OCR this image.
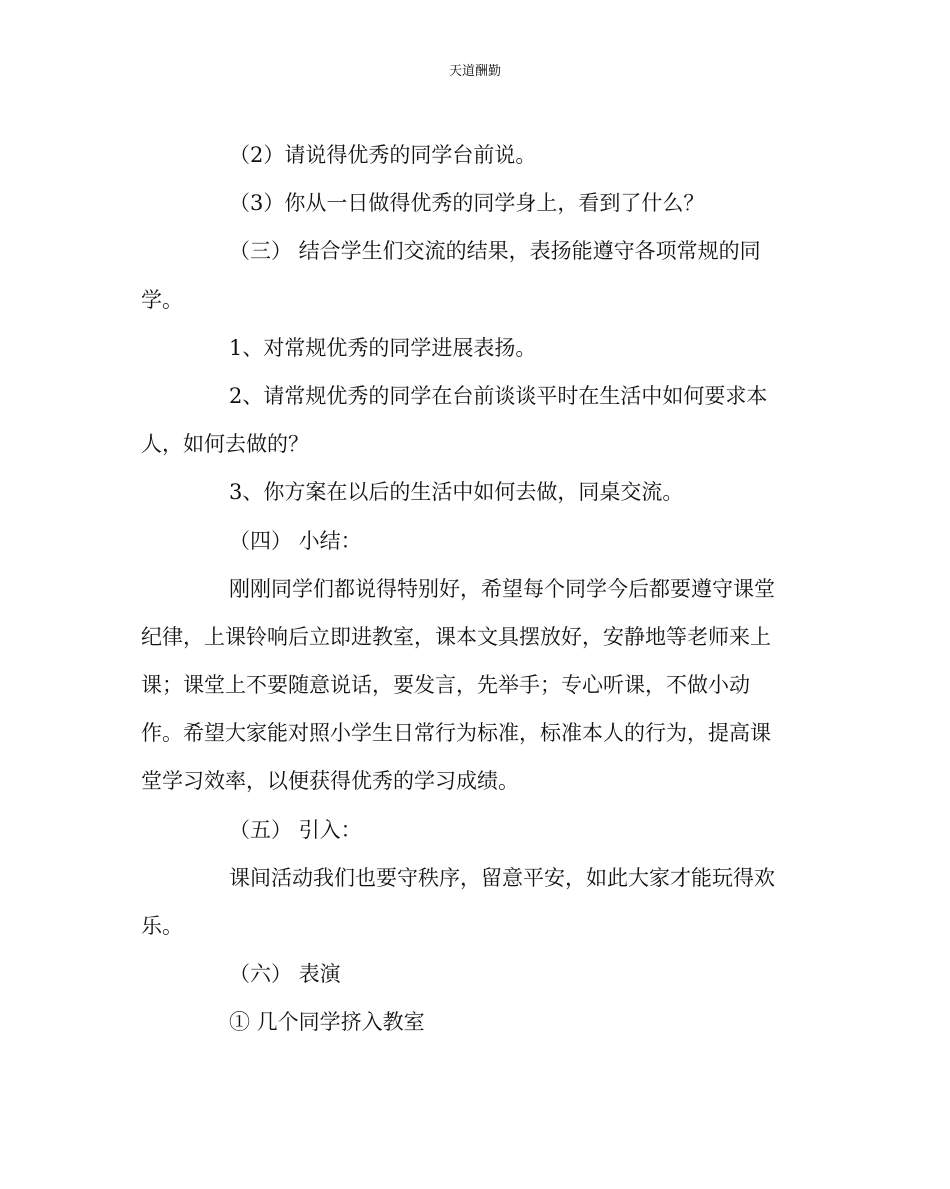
天道酬勤
（2）请说得优秀的同学台前说。
（3）你从一日做得优秀的同学身上，看到了什么？
（三） 结合学生们交流的结果，表扬能遵守各项常规的同
学。
1、对常规优秀的同学进展表扬。
2、请常规优秀的同学在台前谈谈平时在生活中如何要求本
人，如何去做的？
3、你方案在以后的生活中如何去做，同桌交流。
（四） 小结：
刚刚同学们都说得特别好，希望每个同学今后都要遵守课堂
纪律，上课铃响后立即进教室，课本文具摆放好，安静地等老师来上
课；课堂上不要随意说话，要发言，先举手；专心听课，不做小动
作。希望大家能对照小学生日常行为标准，标准本人的行为，提高课
堂学习效率，以便获得优秀的学习成绩。
（五） 引入：
课间活动我们也要守秩序，留意平安，如此大家才能玩得欢
乐。
（六） 表演
① 几个同学挤入教室
